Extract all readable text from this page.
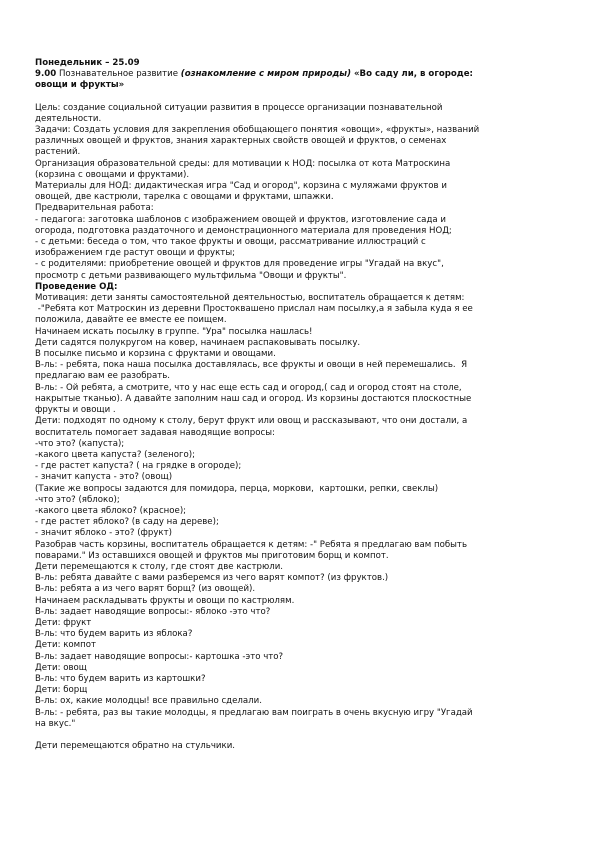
Понедельник – 25.09
9.00 Познавательное развитие (ознакомление с миром природы) «Во саду ли, в огороде:
овощи и фрукты»
Цель: создание социальной ситуации развития в процессе организации познавательной
деятельности.
Задачи: Создать условия для закрепления обобщающего понятия «овощи», «фрукты», названий
различных овощей и фруктов, знания характерных свойств овощей и фруктов, о семенах
растений.
Организация образовательной среды: для мотивации к НОД: посылка от кота Матроскина
(корзина с овощами и фруктами).
Материалы для НОД: дидактическая игра "Сад и огород", корзина с муляжами фруктов и
овощей, две кастрюли, тарелка с овощами и фруктами, шпажки.
Предварительная работа:
- педагога: заготовка шаблонов с изображением овощей и фруктов, изготовление сада и
огорода, подготовка раздаточного и демонстрационного материала для проведения НОД;
- с детьми: беседа о том, что такое фрукты и овощи, рассматривание иллюстраций с
изображением где растут овощи и фрукты;
- с родителями: приобретение овощей и фруктов для проведение игры "Угадай на вкус",
просмотр с детьми развивающего мультфильма "Овощи и фрукты".
Проведение ОД:
Мотивация: дети заняты самостоятельной деятельностью, воспитатель обращается к детям:
-"Ребята кот Матроскин из деревни Простоквашено прислал нам посылку,а я забыла куда я ее
положила, давайте ее вместе ее поищем.
Начинаем искать посылку в группе. "Ура" посылка нашлась!
Дети садятся полукругом на ковер, начинаем распаковывать посылку.
В посылке письмо и корзина с фруктами и овощами.
В-ль: - ребята, пока наша посылка доставлялась, все фрукты и овощи в ней перемешались.  Я
предлагаю вам ее разобрать.
В-ль: - Ой ребята, а смотрите, что у нас еще есть сад и огород,( сад и огород стоят на столе,
накрытые тканью). А давайте заполним наш сад и огород. Из корзины достаются плоскостные
фрукты и овощи .
Дети: подходят по одному к столу, берут фрукт или овощ и рассказывают, что они достали, а
воспитатель помогает задавая наводящие вопросы:
-что это? (капуста);
-какого цвета капуста? (зеленого);
- где растет капуста? ( на грядке в огороде);
- значит капуста - это? (овощ)
(Такие же вопросы задаются для помидора, перца, моркови,  картошки, репки, свеклы)
-что это? (яблоко);
-какого цвета яблоко? (красное);
- где растет яблоко? (в саду на дереве);
- значит яблоко - это? (фрукт)
Разобрав часть корзины, воспитатель обращается к детям: -" Ребята я предлагаю вам побыть
поварами." Из оставшихся овощей и фруктов мы приготовим борщ и компот.
Дети перемещаются к столу, где стоят две кастрюли.
В-ль: ребята давайте с вами разберемся из чего варят компот? (из фруктов.)
В-ль: ребята а из чего варят борщ? (из овощей).
Начинаем раскладывать фрукты и овощи по кастрюлям.
В-ль: задает наводящие вопросы:- яблоко -это что?
Дети: фрукт
В-ль: что будем варить из яблока?
Дети: компот
В-ль: задает наводящие вопросы:- картошка -это что?
Дети: овощ
В-ль: что будем варить из картошки?
Дети: борщ
В-ль: ох, какие молодцы! все правильно сделали.
В-ль: - ребята, раз вы такие молодцы, я предлагаю вам поиграть в очень вкусную игру "Угадай
на вкус."
Дети перемещаются обратно на стульчики.
